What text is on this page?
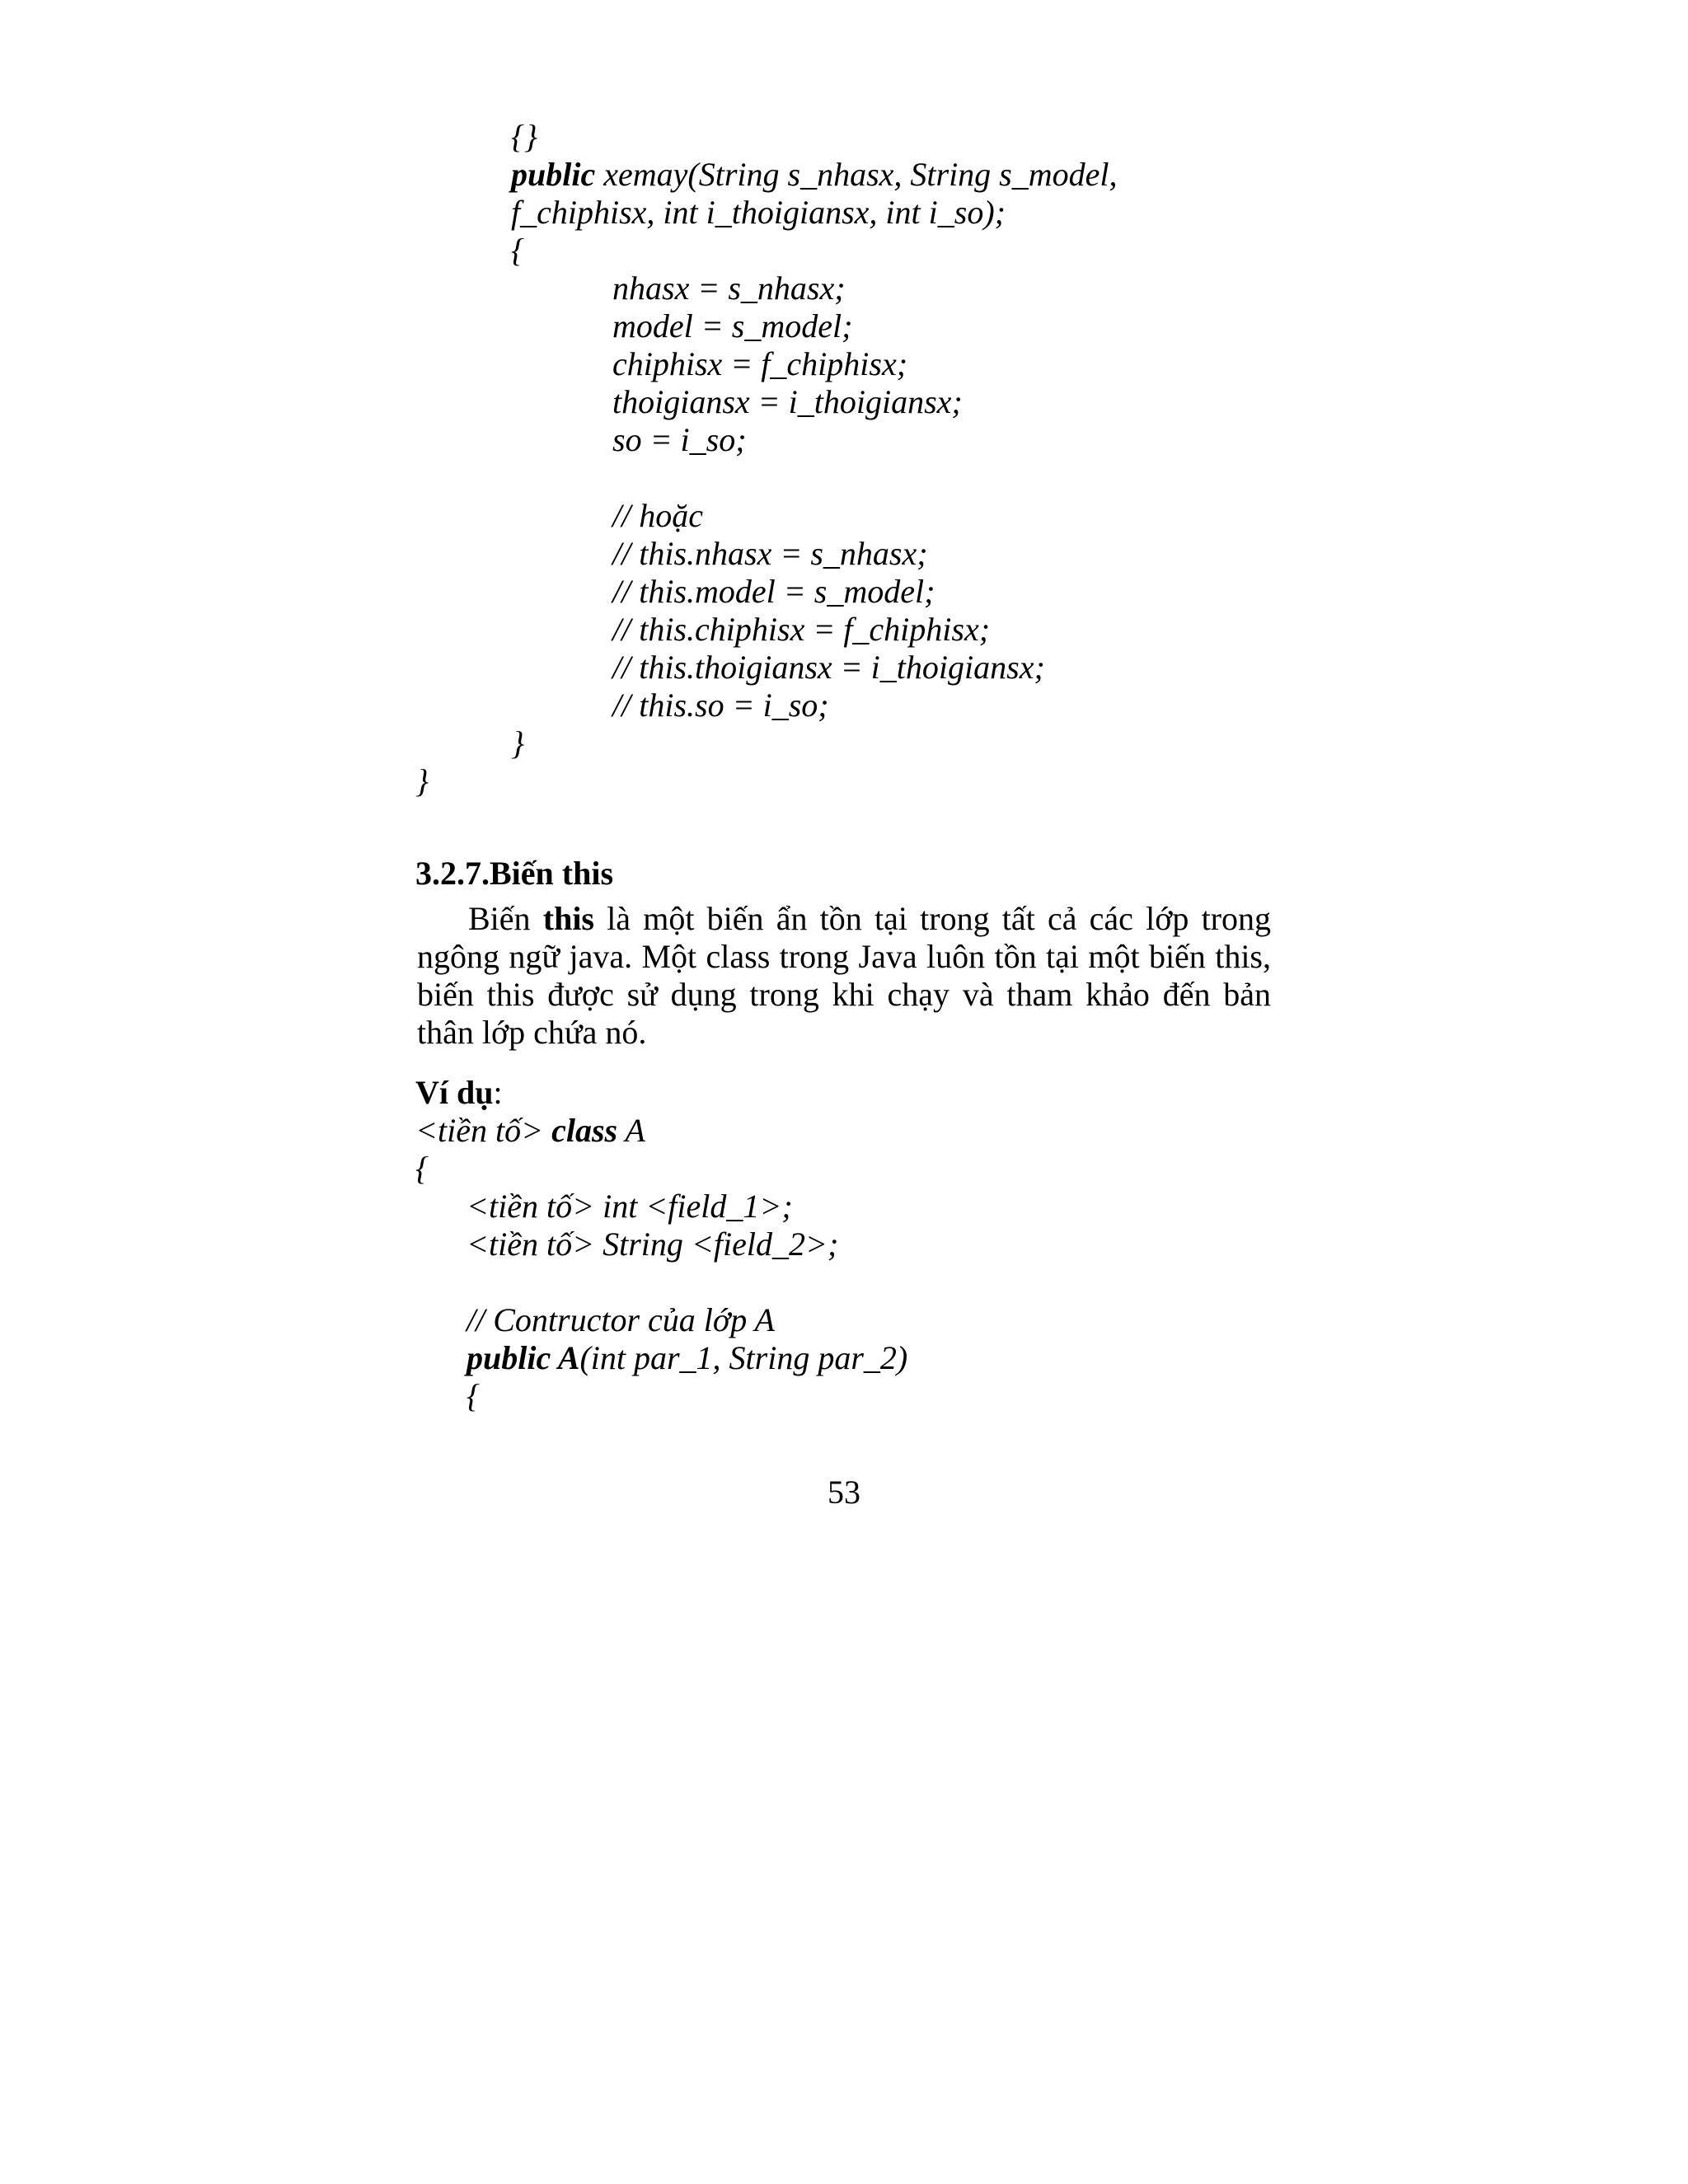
{}
public xemay(String s_nhasx, String s_model,
f_chiphisx, int i_thoigiansx, int i_so);
{
nhasx = s_nhasx;
model = s_model;
chiphisx = f_chiphisx;
thoigiansx = i_thoigiansx;
so = i_so;
// hoặc
// this.nhasx = s_nhasx;
// this.model = s_model;
// this.chiphisx = f_chiphisx;
// this.thoigiansx = i_thoigiansx;
// this.so = i_so;
}
}
3.2.7.Biến this
Biến this là một biến ẩn tồn tại trong tất cả các lớp trong ngông ngữ java. Một class trong Java luôn tồn tại một biến this, biến this được sử dụng trong khi chạy và tham khảo đến bản thân lớp chứa nó.
Ví dụ:
<tiền tố> class A
{
<tiền tố> int <field_1>;
<tiền tố> String <field_2>;
// Contructor của lớp A
public A(int par_1, String par_2)
{
53
